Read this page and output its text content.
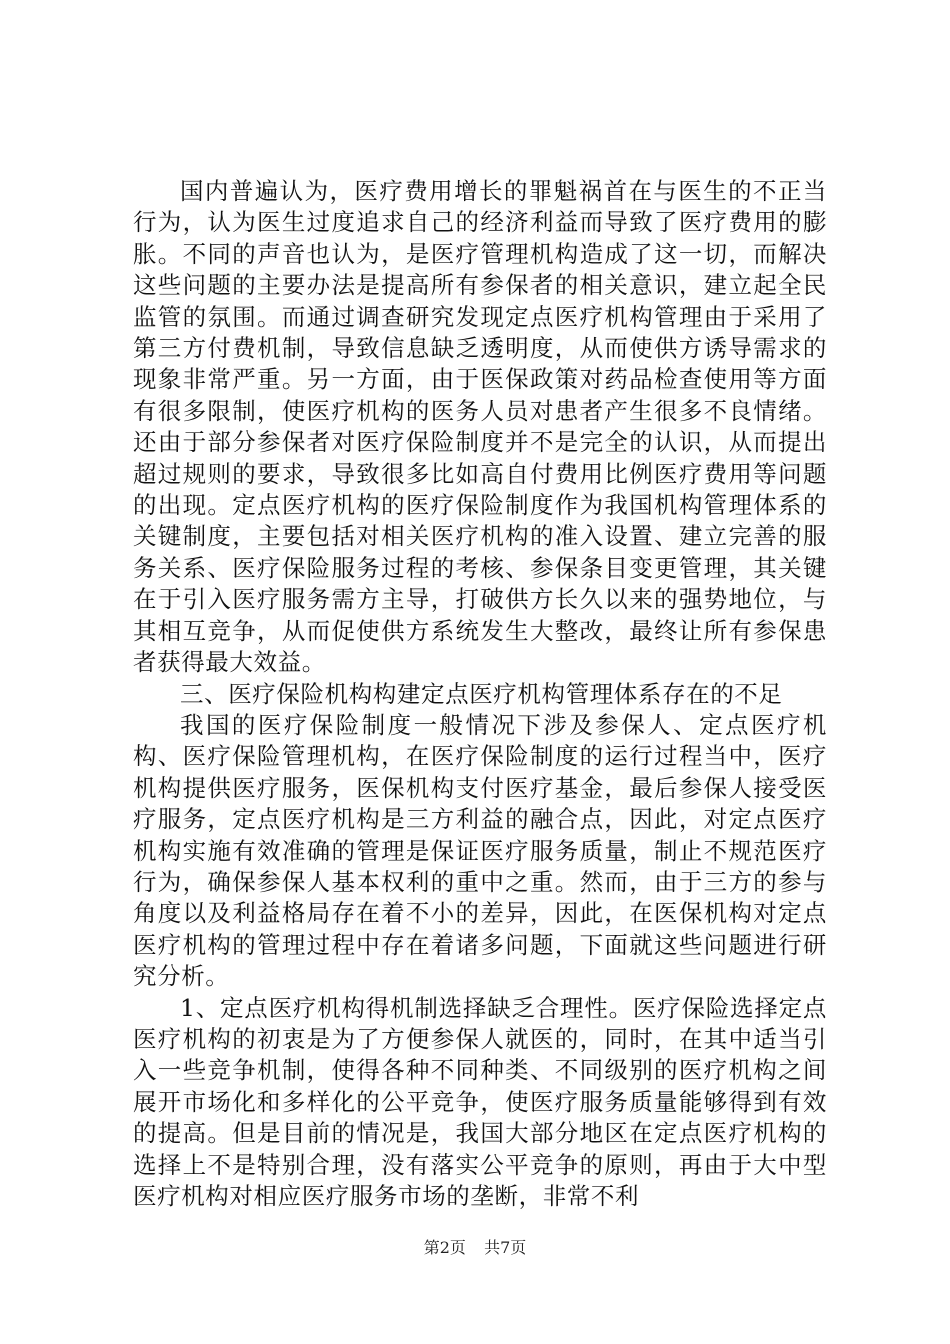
国内普遍认为，医疗费用增长的罪魁祸首在与医生的不正当行为，认为医生过度追求自己的经济利益而导致了医疗费用的膨胀。不同的声音也认为，是医疗管理机构造成了这一切，而解决这些问题的主要办法是提高所有参保者的相关意识，建立起全民监管的氛围。而通过调查研究发现定点医疗机构管理由于采用了第三方付费机制，导致信息缺乏透明度，从而使供方诱导需求的现象非常严重。另一方面，由于医保政策对药品检查使用等方面有很多限制，使医疗机构的医务人员对患者产生很多不良情绪。还由于部分参保者对医疗保险制度并不是完全的认识，从而提出超过规则的要求，导致很多比如高自付费用比例医疗费用等问题的出现。定点医疗机构的医疗保险制度作为我国机构管理体系的关键制度，主要包括对相关医疗机构的准入设置、建立完善的服务关系、医疗保险服务过程的考核、参保条目变更管理，其关键在于引入医疗服务需方主导，打破供方长久以来的强势地位，与其相互竞争，从而促使供方系统发生大整改，最终让所有参保患者获得最大效益。

三、医疗保险机构构建定点医疗机构管理体系存在的不足

我国的医疗保险制度一般情况下涉及参保人、定点医疗机构、医疗保险管理机构，在医疗保险制度的运行过程当中，医疗机构提供医疗服务，医保机构支付医疗基金，最后参保人接受医疗服务，定点医疗机构是三方利益的融合点，因此，对定点医疗机构实施有效准确的管理是保证医疗服务质量，制止不规范医疗行为，确保参保人基本权利的重中之重。然而，由于三方的参与角度以及利益格局存在着不小的差异，因此，在医保机构对定点医疗机构的管理过程中存在着诸多问题，下面就这些问题进行研究分析。

1、定点医疗机构得机制选择缺乏合理性。医疗保险选择定点医疗机构的初衷是为了方便参保人就医的，同时，在其中适当引入一些竞争机制，使得各种不同种类、不同级别的医疗机构之间展开市场化和多样化的公平竞争，使医疗服务质量能够得到有效的提高。但是目前的情况是，我国大部分地区在定点医疗机构的选择上不是特别合理，没有落实公平竞争的原则，再由于大中型医疗机构对相应医疗服务市场的垄断，非常不利

第2页 共7页
